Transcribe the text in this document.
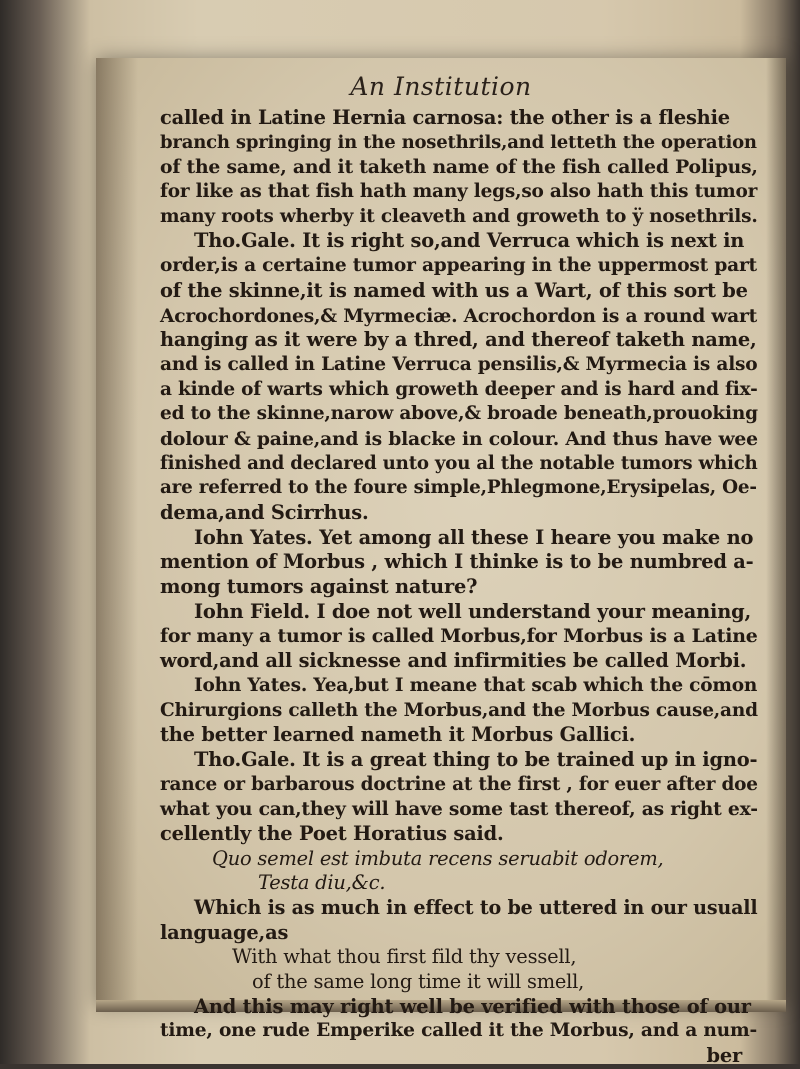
An Institution
called in Latine Hernia carnosa: the other is a fleshie
branch springing in the nosethrils,and letteth the operation
of the same, and it taketh name of the fish called Polipus,
for like as that fish hath many legs,so also hath this tumor
many roots wherby it cleaveth and groweth to ÿ nosethrils.
Tho.Gale. It is right so,and Verruca which is next in
order,is a certaine tumor appearing in the uppermost part
of the skinne,it is named with us a Wart, of this sort be
Acrochordones,& Myrmeciæ. Acrochordon is a round wart
hanging as it were by a thred, and thereof taketh name,
and is called in Latine Verruca pensilis,& Myrmecia is also
a kinde of warts which groweth deeper and is hard and fix-
ed to the skinne,narow above,& broade beneath,prouoking
dolour & paine,and is blacke in colour. And thus have wee
finished and declared unto you al the notable tumors which
are referred to the foure simple,Phlegmone,Erysipelas, Oe-
dema,and Scirrhus.
Iohn Yates. Yet among all these I heare you make no
mention of Morbus , which I thinke is to be numbred a-
mong tumors against nature?
Iohn Field. I doe not well understand your meaning,
for many a tumor is called Morbus,for Morbus is a Latine
word,and all sicknesse and infirmities be called Morbi.
Iohn Yates. Yea,but I meane that scab which the cōmon
Chirurgions calleth the Morbus,and the Morbus cause,and
the better learned nameth it Morbus Gallici.
Tho.Gale. It is a great thing to be trained up in igno-
rance or barbarous doctrine at the first , for euer after doe
what you can,they will have some tast thereof, as right ex-
cellently the Poet Horatius said.
Quo semel est imbuta recens seruabit odorem,
Testa diu,&c.
Which is as much in effect to be uttered in our usuall
language,as
With what thou first fild thy vessell,
of the same long time it will smell,
And this may right well be verified with those of our
time, one rude Emperike called it the Morbus, and a num-
ber
